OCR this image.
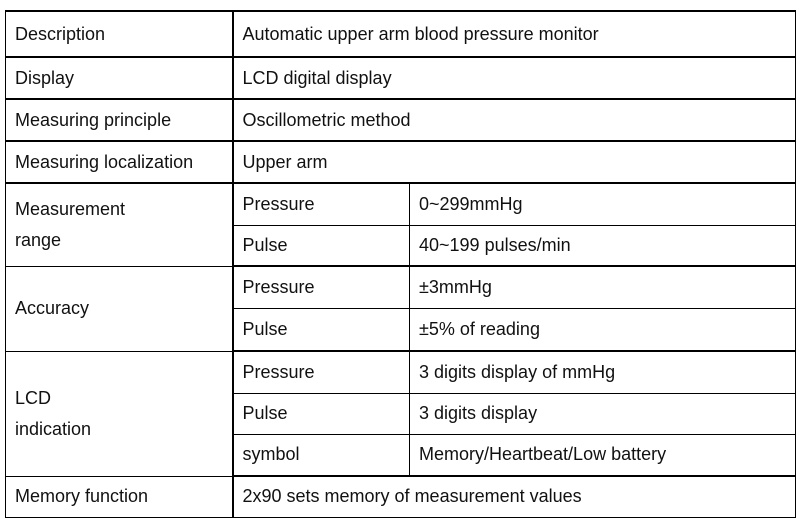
Description	Automatic upper arm blood pressure monitor	
Display	LCD digital display	
Measuring principle	Oscillometric method	
Measuring localization	Upper arm	
Measurement
range	Pressure	0~299mmHg
	Pulse	40~199 pulses/min
Accuracy	Pressure	±3mmHg
	Pulse	±5% of reading
LCD
indication	Pressure	3 digits display of mmHg
	Pulse	3 digits display
	symbol	Memory/Heartbeat/Low battery
Memory function	2x90 sets memory of measurement values	
